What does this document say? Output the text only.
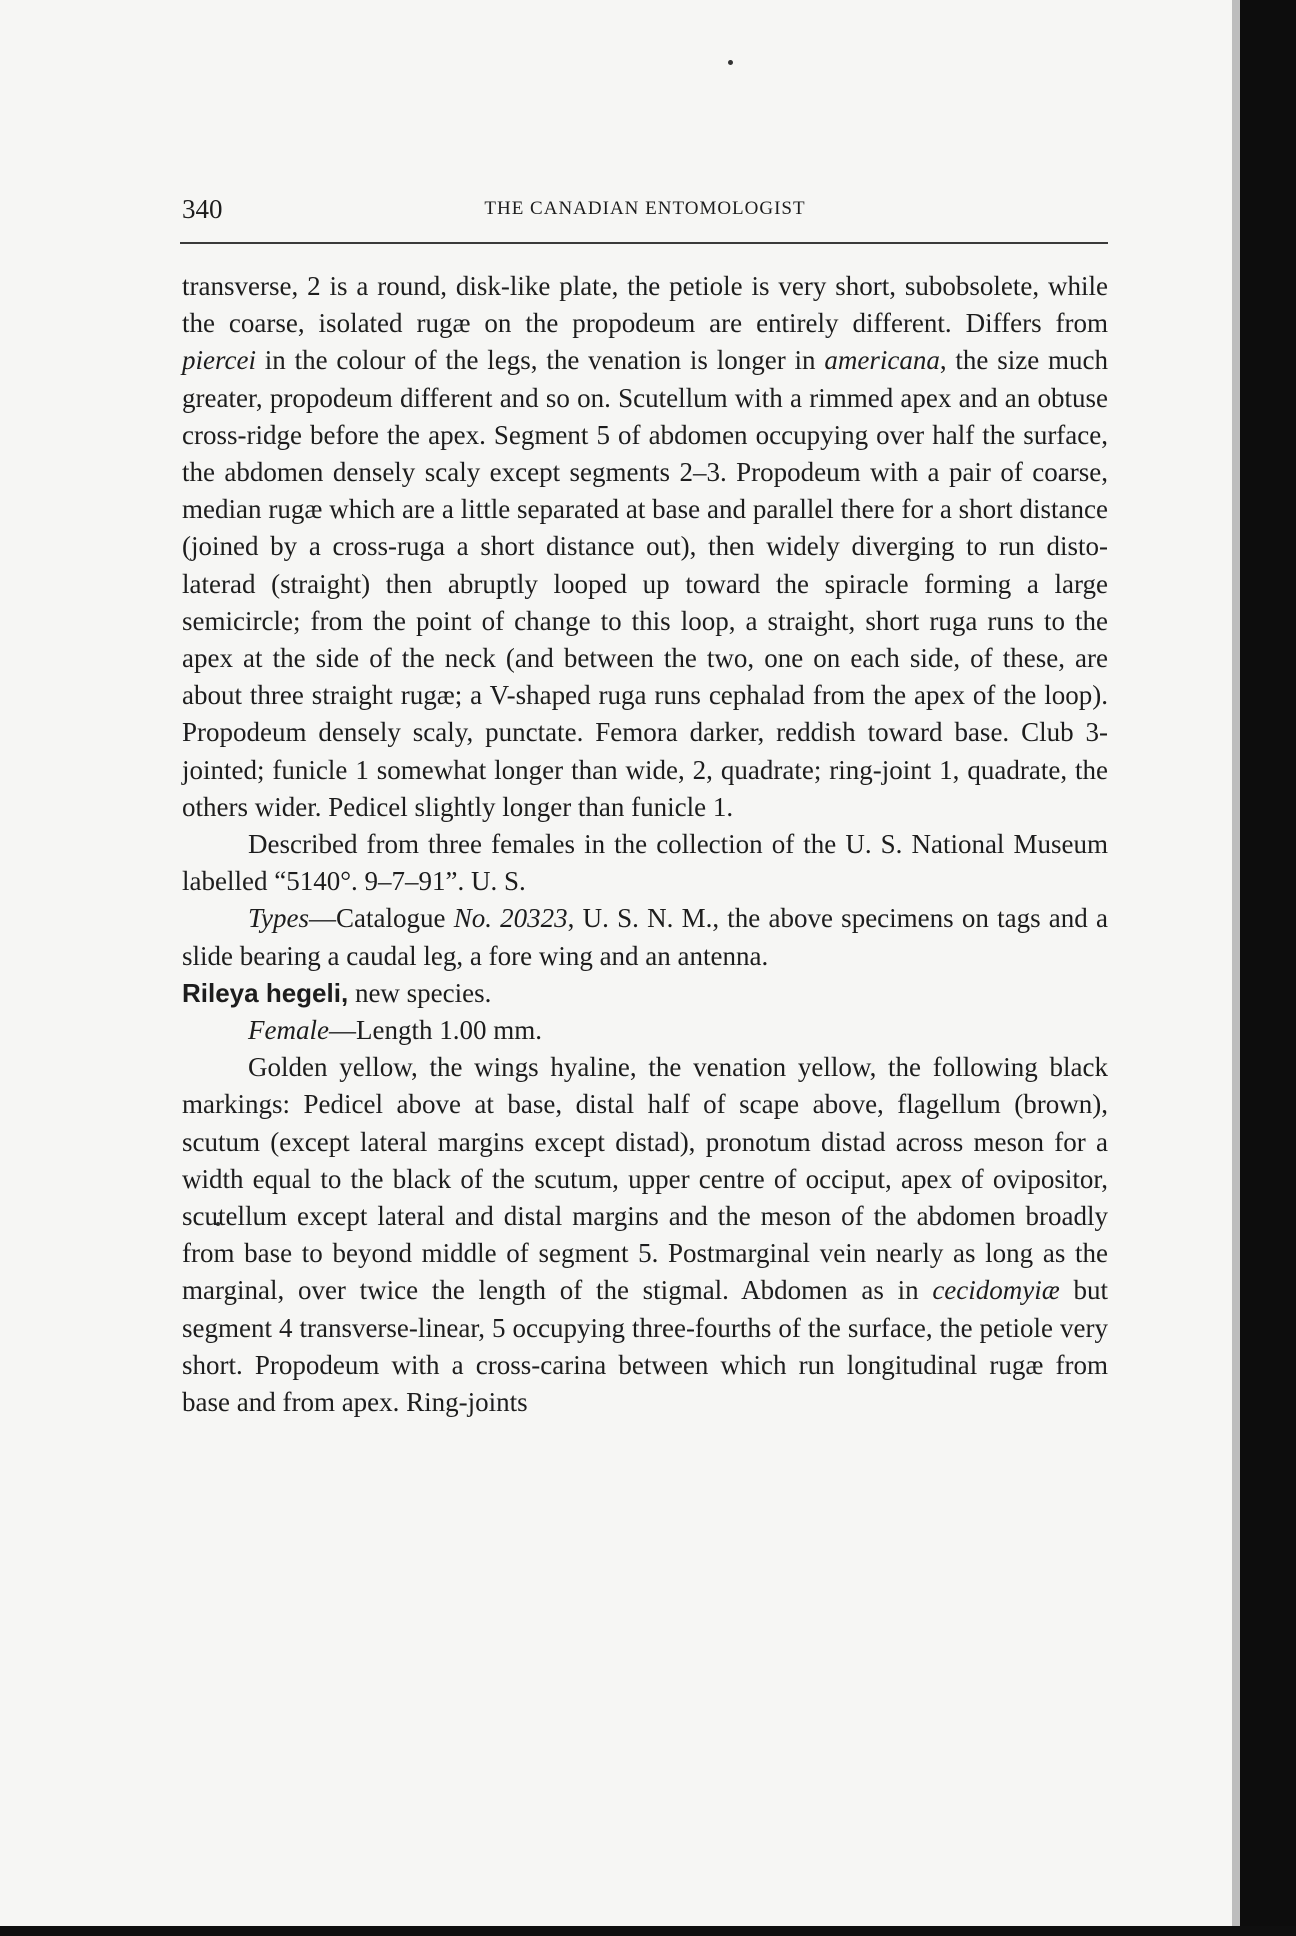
340	THE CANADIAN ENTOMOLOGIST

transverse, 2 is a round, disk-like plate, the petiole is very short, subobsolete, while the coarse, isolated rugæ on the propodeum are entirely different. Differs from piercei in the colour of the legs, the venation is longer in americana, the size much greater, propodeum different and so on. Scutellum with a rimmed apex and an obtuse cross-ridge before the apex. Segment 5 of abdomen occupying over half the surface, the abdomen densely scaly except segments 2–3. Propodeum with a pair of coarse, median rugæ which are a little separated at base and parallel there for a short distance (joined by a cross-ruga a short distance out), then widely diverging to run disto-laterad (straight) then abruptly looped up toward the spiracle forming a large semicircle; from the point of change to this loop, a straight, short ruga runs to the apex at the side of the neck (and between the two, one on each side, of these, are about three straight rugæ; a V-shaped ruga runs cephalad from the apex of the loop). Propodeum densely scaly, punctate. Femora darker, reddish toward base. Club 3-jointed; funicle 1 somewhat longer than wide, 2, quadrate; ring-joint 1, quadrate, the others wider. Pedicel slightly longer than funicle 1.

Described from three females in the collection of the U. S. National Museum labelled “5140°. 9–7–91”. U. S.

Types—Catalogue No. 20323, U. S. N. M., the above specimens on tags and a slide bearing a caudal leg, a fore wing and an antenna.

Rileya hegeli, new species.

Female—Length 1.00 mm.

Golden yellow, the wings hyaline, the venation yellow, the following black markings: Pedicel above at base, distal half of scape above, flagellum (brown), scutum (except lateral margins except distad), pronotum distad across meson for a width equal to the black of the scutum, upper centre of occiput, apex of ovipositor, scutellum except lateral and distal margins and the meson of the abdomen broadly from base to beyond middle of segment 5. Postmarginal vein nearly as long as the marginal, over twice the length of the stigmal. Abdomen as in cecidomyiæ but segment 4 transverse-linear, 5 occupying three-fourths of the surface, the petiole very short. Propodeum with a cross-carina between which run longitudinal rugæ from base and from apex. Ring-joints
